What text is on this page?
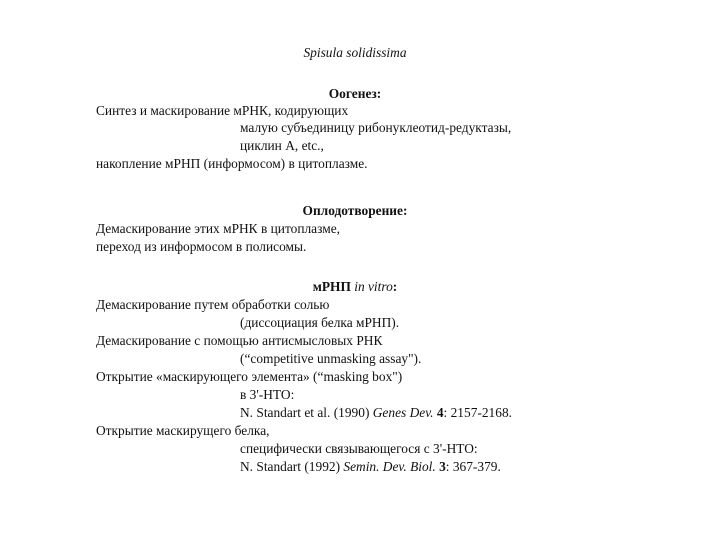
Spisula solidissima
Оогенез:
Синтез и маскирование мРНК, кодирующих
малую субъединицу рибонуклеотид-редуктазы,
циклин А, etc.,
накопление мРНП (информосом) в цитоплазме.
Оплодотворение:
Демаскирование этих мРНК в цитоплазме,
переход из информосом в полисомы.
мРНП in vitro:
Демаскирование путем обработки солью
(диссоциация белка мРНП).
Демаскирование с помощью антисмысловых РНК
(“competitive unmasking assay").
Открытие «маскирующего элемента» (“masking box")
в 3'-НТО:
N. Standart et al. (1990) Genes Dev. 4: 2157-2168.
Открытие маскирущего белка,
специфически связывающегося с 3'-НТО:
N. Standart (1992) Semin. Dev. Biol. 3: 367-379.
